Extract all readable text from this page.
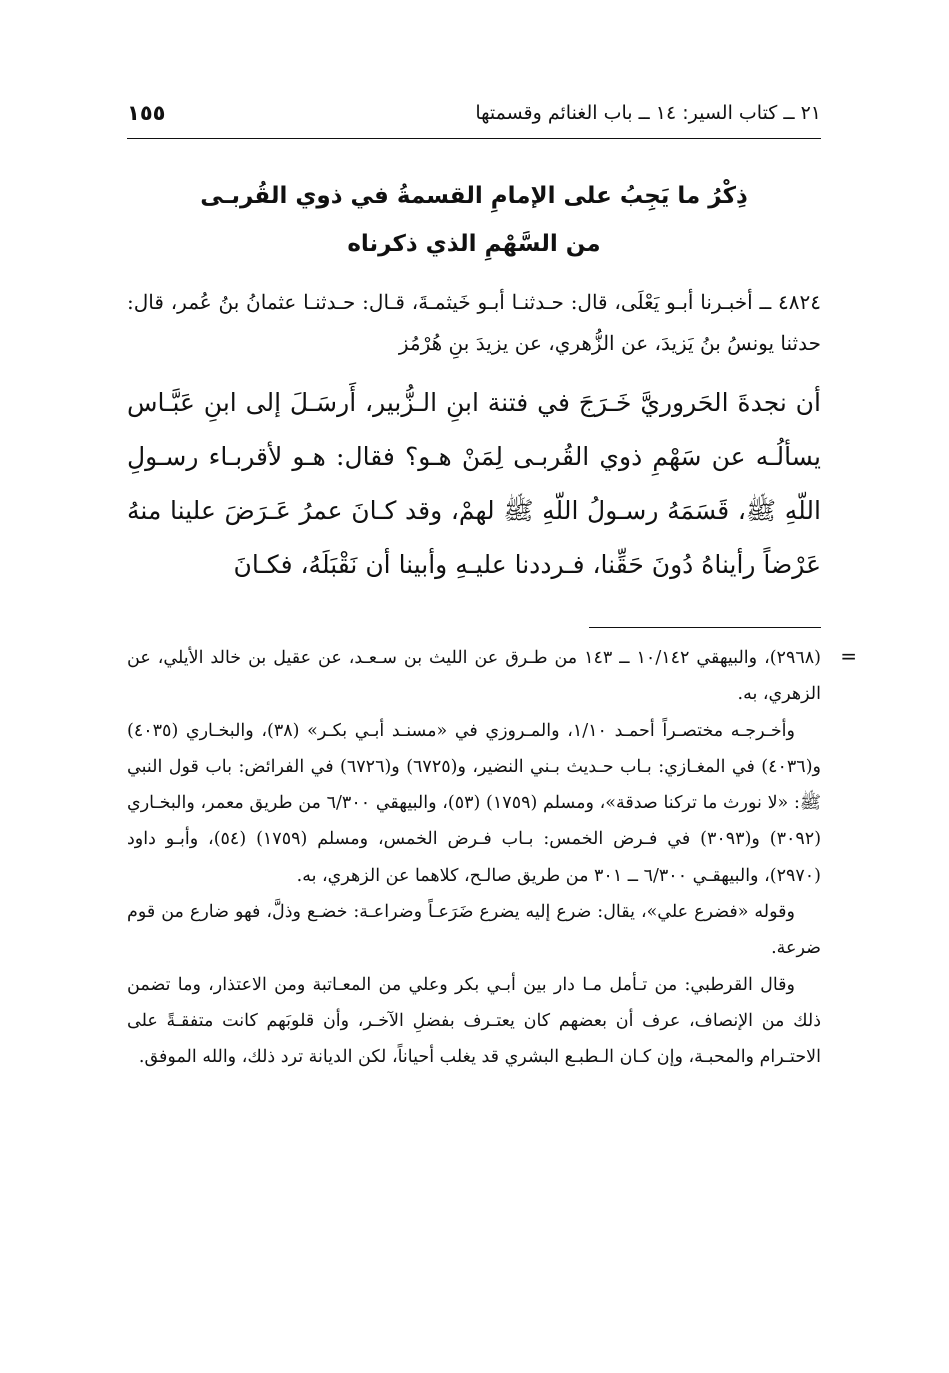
٢١ ــ كتاب السير: ١٤ ــ باب الغنائم وقسمتها
١٥٥
ذِكْرُ ما يَجِبُ على الإمامِ القسمةُ في ذوي القُربـى
من السَّهْمِ الذي ذكرناه
٤٨٢٤ ــ أخبـرنا أبـو يَعْلَى، قال: حـدثنـا أبـو خَيثمـةَ، قـال: حـدثنـا عثمانُ بنُ عُمر، قال: حدثنا يونسُ بنُ يَزيدَ، عن الزُّهري، عن يزيدَ بنِ هُرْمُز
أن نجدةَ الحَروريَّ خَـرَجَ في فتنة ابنِ الـزُّبير، أَرسَـلَ إلى ابنِ عَبَّـاس يسألُـه عن سَهْمِ ذوي القُربـى لِمَنْ هـو؟ فقال: هـو لأقربـاء رسـولِ اللّهِ ﷺ، قَسَمَهُ رسـولُ اللّهِ ﷺ لهمْ، وقد كـانَ عمرُ عَـرَضَ علينا منهُ عَرْضاً رأيناهُ دُونَ حَقِّنا، فـرددنا عليـهِ وأبينا أن نَقْبَلَهُ، فكـانَ
=

(٢٩٦٨)، والبيهقي ١٠/١٤٢ ــ ١٤٣ من طـرق عن الليث بن سـعـد، عن عقيل بن خالد الأيلي، عن الزهري، به.

وأخـرجـه مختصـراً أحمـد ١/١٠، والمـروزي في «مسنـد أبـي بكـر» (٣٨)، والبخـاري (٤٠٣٥) و(٤٠٣٦) في المغـازي: بـاب حـديث بـني النضير، و(٦٧٢٥) و(٦٧٢٦) في الفرائض: باب قول النبي ﷺ: «لا نورث ما تركنا صدقة»، ومسلم (١٧٥٩) (٥٣)، والبيهقي ٦/٣٠٠ من طريق معمر، والبخـاري (٣٠٩٢) و(٣٠٩٣) في فـرض الخمس: بـاب فـرض الخمس، ومسلم (١٧٥٩) (٥٤)، وأبـو داود (٢٩٧٠)، والبيهقـي ٦/٣٠٠ ــ ٣٠١ من طريق صالـح، كلاهما عن الزهري، به.

وقوله «فضرع علي»، يقال: ضرع إليه يضرع ضَرَعـاً وضراعـة: خضـع وذلَّ، فهو ضارع من قوم ضرعة.

وقال القرطبي: من تـأمل مـا دار بين أبـي بكر وعلي من المعـاتبة ومن الاعتذار، وما تضمن ذلك من الإنصاف، عرف أن بعضهم كان يعتـرف بفضلِ الآخـر، وأن قلوبَهم كانت متفقـةً على الاحتـرام والمحبـة، وإن كـان الـطبـع البشري قد يغلب أحياناً، لكن الديانة ترد ذلك، والله الموفق.
